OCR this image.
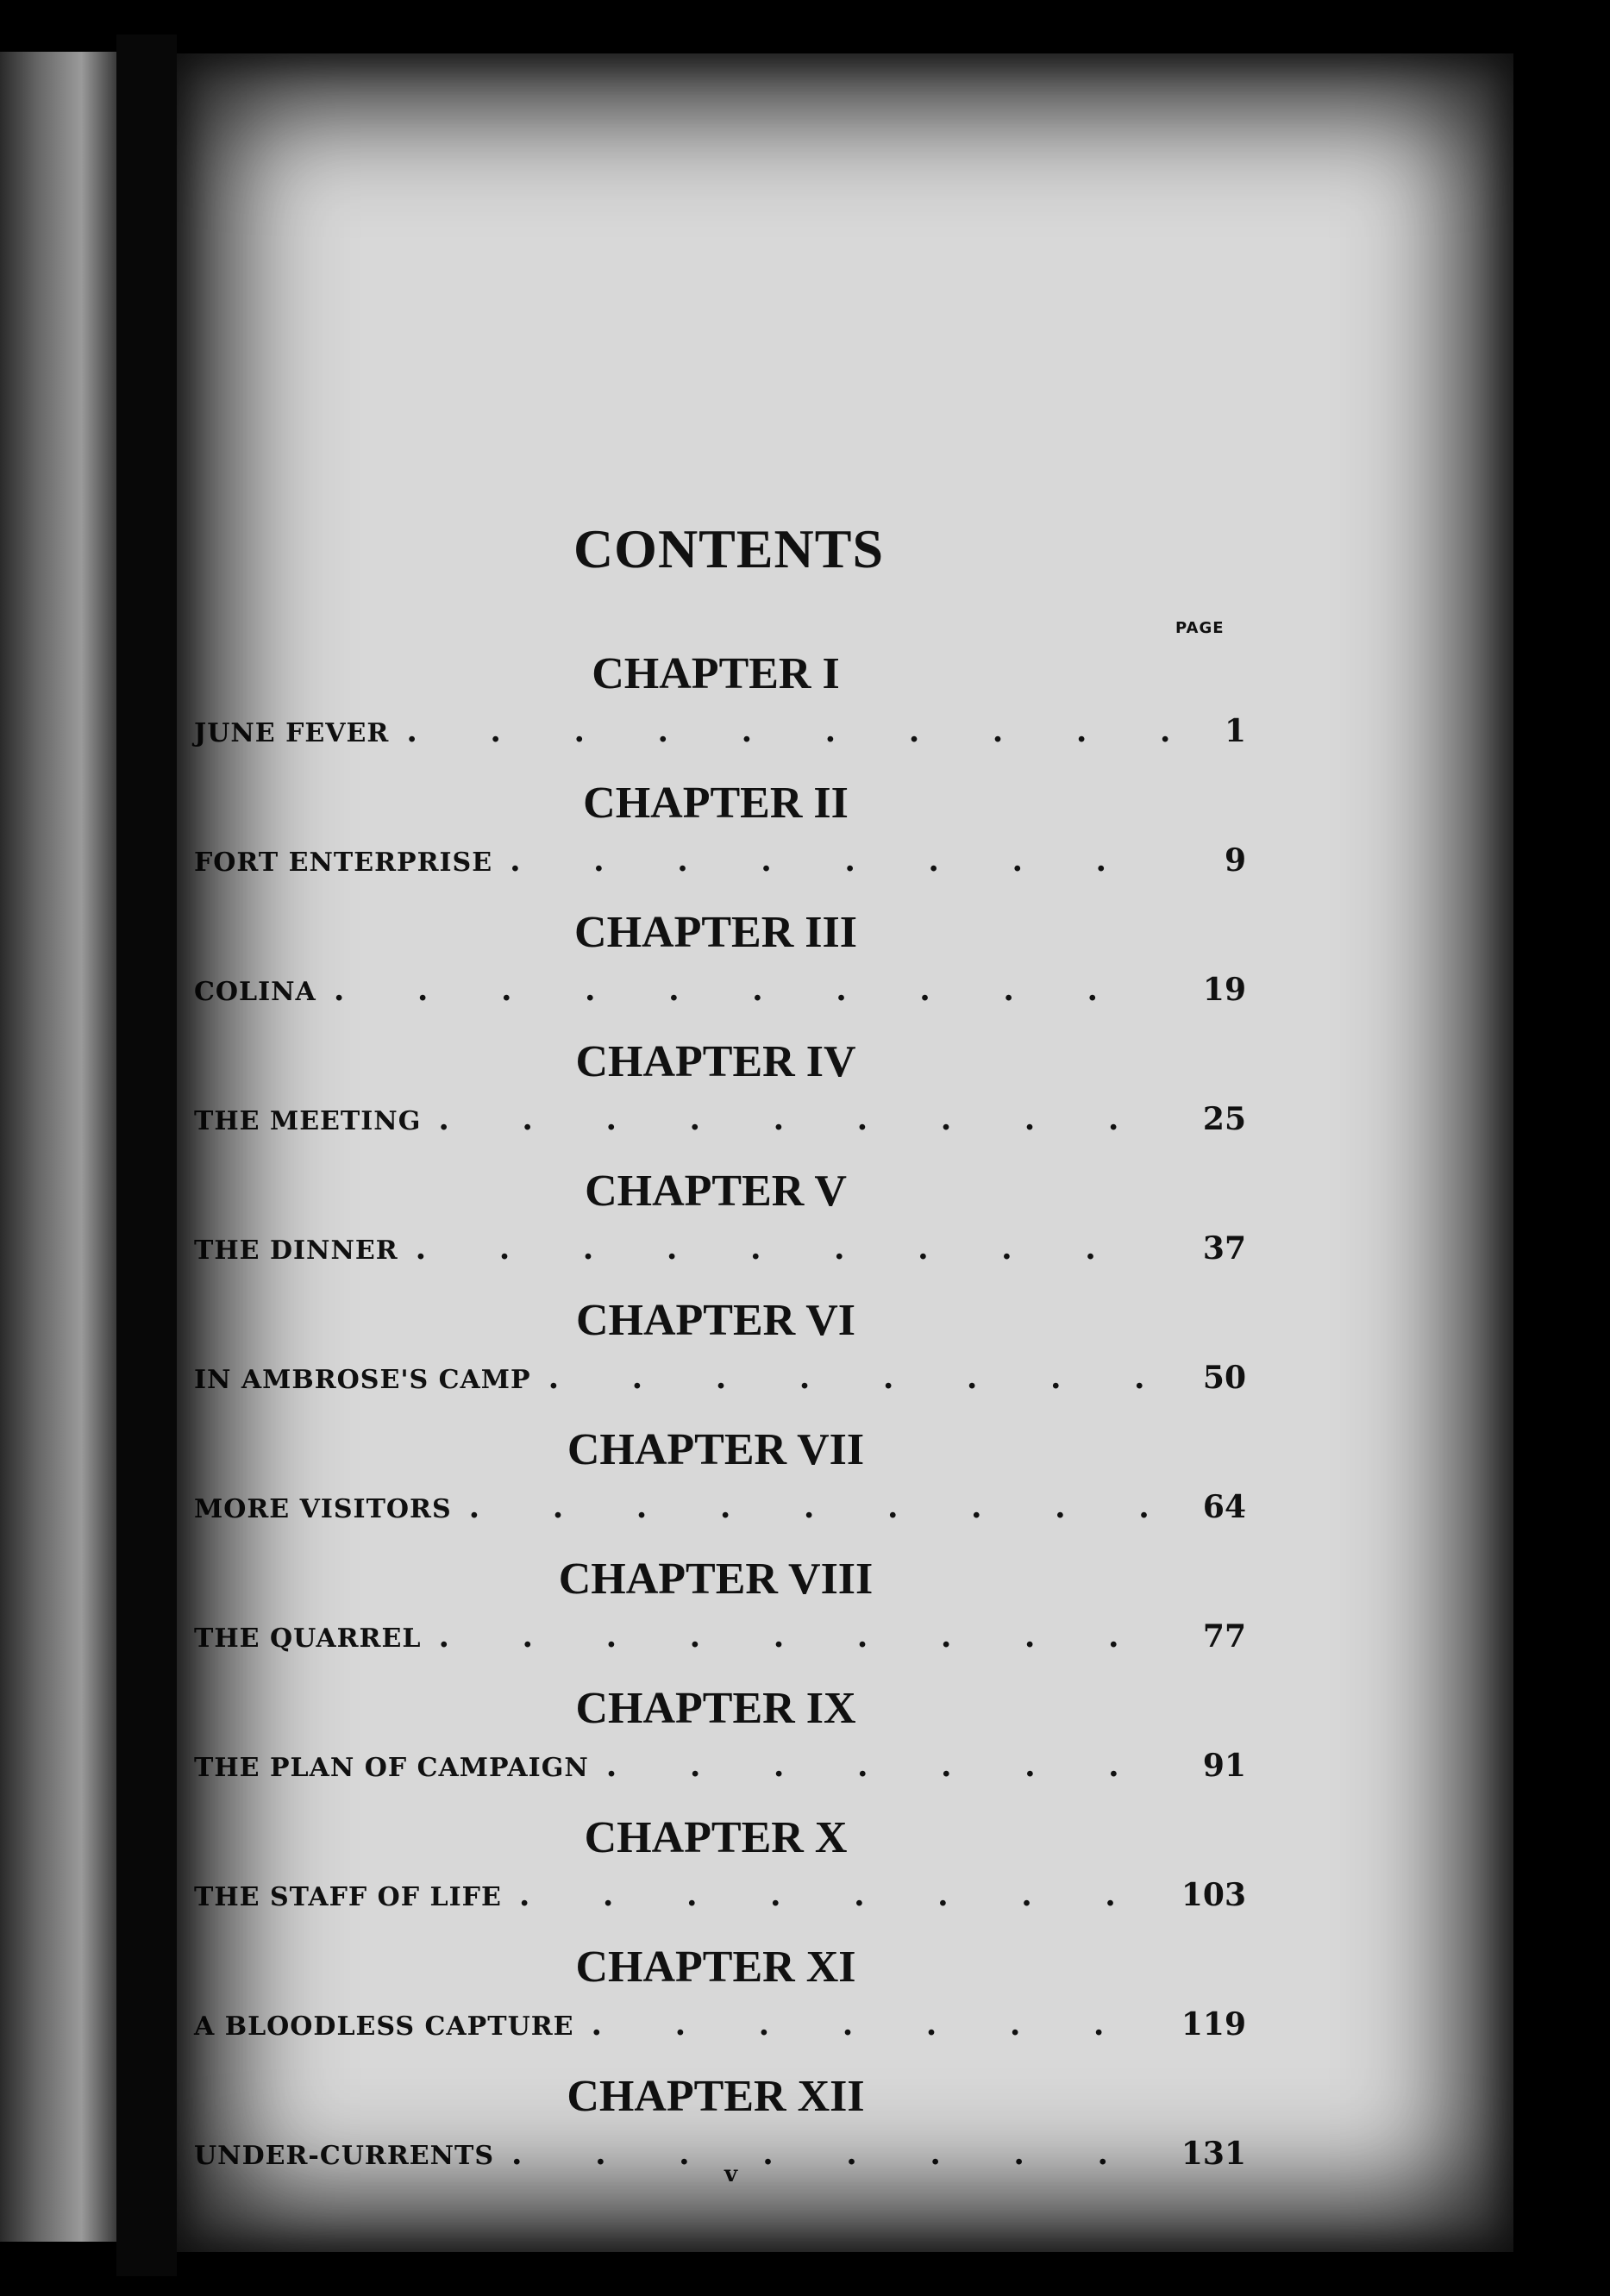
CONTENTS
PAGE
CHAPTER I
JUNE FEVER . . .	1
CHAPTER II
FORT ENTERPRISE . . .	9
CHAPTER III
COLINA . . .	19
CHAPTER IV
THE MEETING . . .	25
CHAPTER V
THE DINNER . . .	37
CHAPTER VI
IN AMBROSE'S CAMP . . .	50
CHAPTER VII
MORE VISITORS . . .	64
CHAPTER VIII
THE QUARREL . . .	77
CHAPTER IX
THE PLAN OF CAMPAIGN . . .	91
CHAPTER X
THE STAFF OF LIFE . . .	103
CHAPTER XI
A BLOODLESS CAPTURE . . .	119
CHAPTER XII
UNDER-CURRENTS . . .	131
v
